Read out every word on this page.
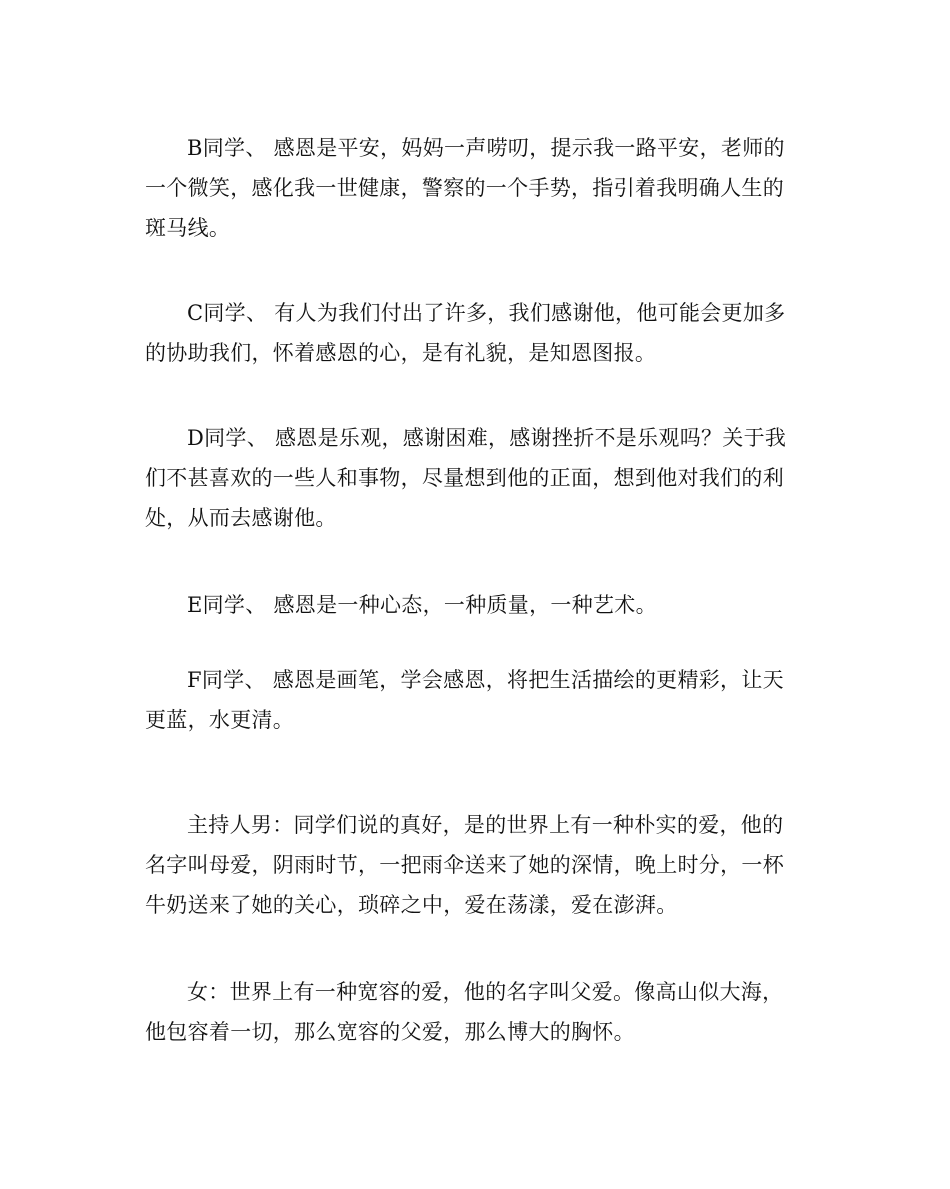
B同学、 感恩是平安，妈妈一声唠叨，提示我一路平安，老师的
一个微笑，感化我一世健康，警察的一个手势，指引着我明确人生的
斑马线。
C同学、 有人为我们付出了许多，我们感谢他，他可能会更加多
的协助我们，怀着感恩的心，是有礼貌，是知恩图报。
D同学、 感恩是乐观，感谢困难，感谢挫折不是乐观吗？关于我
们不甚喜欢的一些人和事物，尽量想到他的正面，想到他对我们的利
处，从而去感谢他。
E同学、 感恩是一种心态，一种质量，一种艺术。
F同学、 感恩是画笔，学会感恩，将把生活描绘的更精彩，让天
更蓝，水更清。
主持人男：同学们说的真好，是的世界上有一种朴实的爱，他的
名字叫母爱，阴雨时节，一把雨伞送来了她的深情，晚上时分，一杯
牛奶送来了她的关心，琐碎之中，爱在荡漾，爱在澎湃。
女：世界上有一种宽容的爱，他的名字叫父爱。像高山似大海，
他包容着一切，那么宽容的父爱，那么博大的胸怀。
